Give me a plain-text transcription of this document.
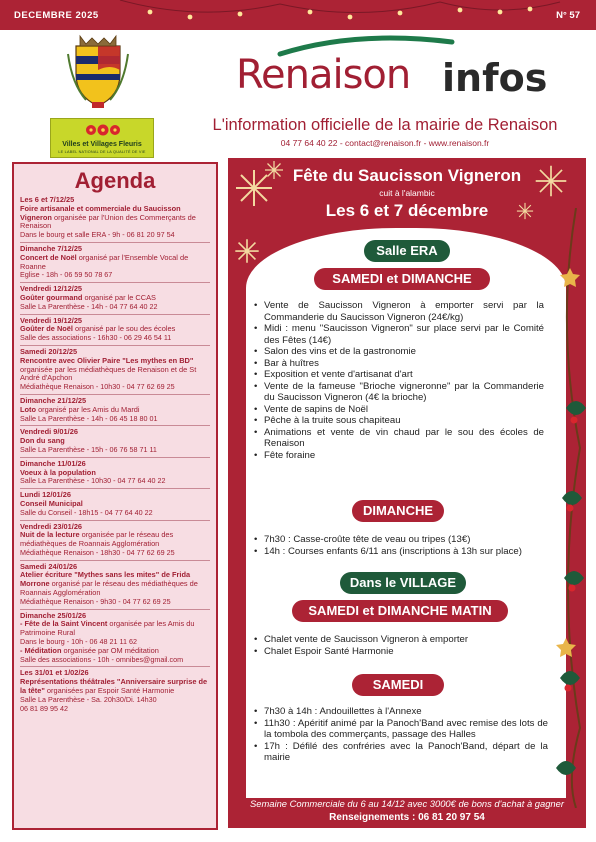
DECEMBRE 2025	N° 57
Villes et Villages Fleuris
LE LABEL NATIONAL DE LA QUALITÉ DE VIE
Renaison infos
L'information officielle de la mairie de Renaison
04 77 64 40 22 - contact@renaison.fr - www.renaison.fr
Agenda
Les 6 et 7/12/25
Foire artisanale et commerciale du Saucisson Vigneron organisée par l'Union des Commerçants de Renaison
Dans le bourg et salle ERA - 9h - 06 81 20 97 54
Dimanche 7/12/25
Concert de Noël organisé par l'Ensemble Vocal de Roanne
Eglise - 18h - 06 59 50 78 67
Vendredi 12/12/25
Goûter gourmand organisé par le CCAS
Salle La Parenthèse - 14h - 04 77 64 40 22
Vendredi 19/12/25
Goûter de Noël organisé par le sou des écoles
Salle des associations - 16h30 - 06 29 46 54 11
Samedi 20/12/25
Rencontre avec Olivier Paire "Les mythes en BD" organisée par les médiathèques de Renaison et de St André d'Apchon
Médiathèque Renaison - 10h30 - 04 77 62 69 25
Dimanche 21/12/25
Loto organisé par les Amis du Mardi
Salle La Parenthèse - 14h - 06 45 18 80 01
Vendredi 9/01/26
Don du sang
Salle La Parenthèse - 15h - 06 76 58 71 11
Dimanche 11/01/26
Voeux à la population
Salle La Parenthèse - 10h30 - 04 77 64 40 22
Lundi 12/01/26
Conseil Municipal
Salle du Conseil - 18h15 - 04 77 64 40 22
Vendredi 23/01/26
Nuit de la lecture organisée par le réseau des médiathèques de Roannais Agglomération
Médiathèque Renaison - 18h30 - 04 77 62 69 25
Samedi 24/01/26
Atelier écriture "Mythes sans les mites" de Frida Morrone organisé par le réseau des médiathèques de Roannais Agglomération
Médiathèque Renaison - 9h30 - 04 77 62 69 25
Dimanche 25/01/26
- Fête de la Saint Vincent organisée par les Amis du Patrimoine Rural
Dans le bourg - 10h - 06 48 21 11 62
- Méditation organisée par OM méditation
Salle des associations - 10h - omnibes@gmail.com
Les 31/01 et 1/02/26
Représentations théâtrales "Anniversaire surprise de la tête" organisées par Espoir Santé Harmonie
Salle La Parenthèse - Sa. 20h30/Di. 14h30
06 81 89 95 42
Fête du Saucisson Vigneron
cuit à l'alambic
Les 6 et 7 décembre
Salle ERA
SAMEDI et DIMANCHE
• Vente de Saucisson Vigneron à emporter servi par la Commanderie du Saucisson Vigneron (24€/kg)
• Midi : menu "Saucisson Vigneron" sur place servi par le Comité des Fêtes (14€)
• Salon des vins et de la gastronomie
• Bar à huîtres
• Exposition et vente d'artisanat d'art
• Vente de la fameuse "Brioche vigneronne" par la Commanderie du Saucisson Vigneron (4€ la brioche)
• Vente de sapins de Noël
• Pêche à la truite sous chapiteau
• Animations et vente de vin chaud par le sou des écoles de Renaison
• Fête foraine
DIMANCHE
• 7h30 : Casse-croûte tête de veau ou tripes (13€)
• 14h : Courses enfants 6/11 ans (inscriptions à 13h sur place)
Dans le VILLAGE
SAMEDI et DIMANCHE MATIN
• Chalet vente de Saucisson Vigneron à emporter
• Chalet Espoir Santé Harmonie
SAMEDI
• 7h30 à 14h : Andouillettes à l'Annexe
• 11h30 : Apéritif animé par la Panoch'Band avec remise des lots de la tombola des commerçants, passage des Halles
• 17h : Défilé des confréries avec la Panoch'Band, départ de la mairie
Semaine Commerciale du 6 au 14/12 avec 3000€ de bons d'achat à gagner
Renseignements : 06 81 20 97 54
